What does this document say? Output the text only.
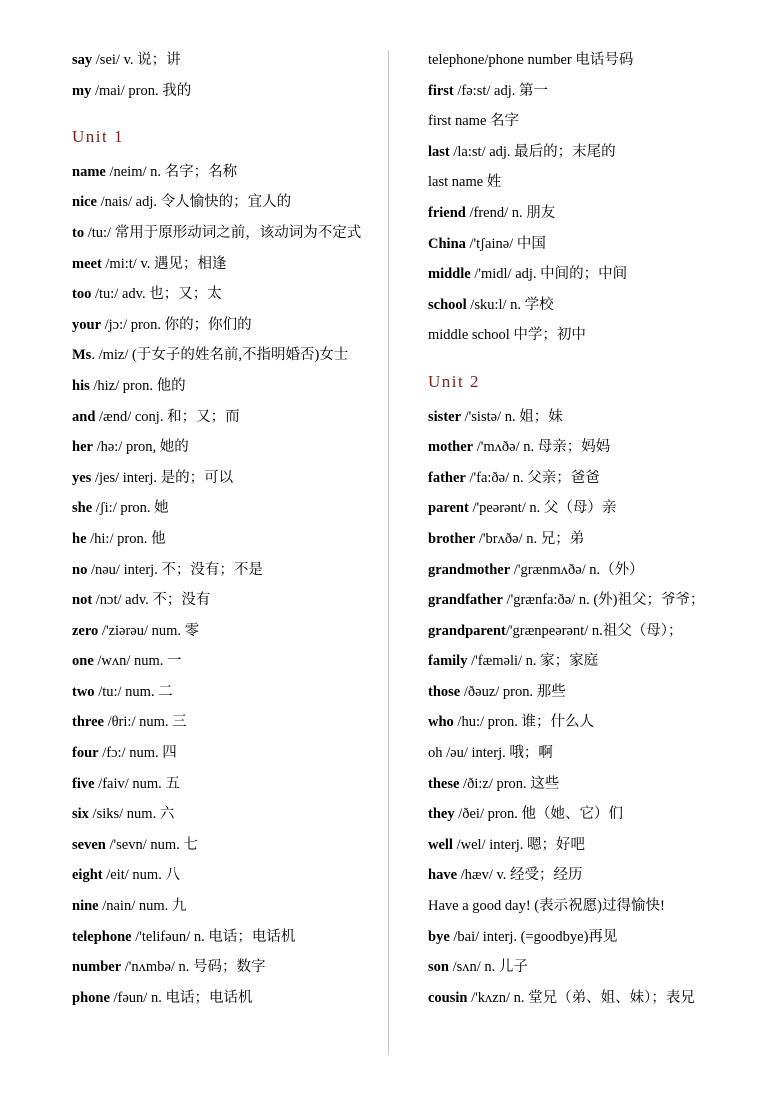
say /sei/ v. 说；讲
my /mai/ pron. 我的
Unit 1
name /neim/ n. 名字；名称
nice /nais/ adj. 令人愉快的；宜人的
to /tu:/ 常用于原形动词之前，该动词为不定式
meet /mi:t/ v. 遇见；相逢
too /tu:/ adv. 也；又；太
your /jɔ:/ pron. 你的；你们的
Ms. /miz/ (于女子的姓名前,不指明婚否)女士
his /hiz/ pron. 他的
and /ænd/ conj. 和；又；而
her /hə:/ pron, 她的
yes /jes/ interj. 是的；可以
she /ʃi:/ pron. 她
he /hi:/ pron. 他
no /nəu/ interj. 不；没有；不是
not /nɔt/ adv. 不；没有
zero /'ziərəu/ num. 零
one /wʌn/ num. 一
two /tu:/ num. 二
three /θri:/ num. 三
four /fɔ:/ num. 四
five /faiv/ num. 五
six /siks/ num. 六
seven /'sevn/ num. 七
eight /eit/ num. 八
nine /nain/ num. 九
telephone /'telifəun/ n. 电话；电话机
number /'nʌmbə/ n. 号码；数字
phone /fəun/ n. 电话；电话机
telephone/phone number 电话号码
first /fə:st/ adj. 第一
first name 名字
last /la:st/ adj. 最后的；末尾的
last name 姓
friend /frend/ n. 朋友
China /'tʃainə/ 中国
middle /'midl/ adj. 中间的；中间
school /sku:l/ n. 学校
middle school 中学；初中
Unit 2
sister /'sistə/ n. 姐；妹
mother /'mʌðə/ n. 母亲；妈妈
father /'fa:ðə/ n. 父亲；爸爸
parent /'peərənt/ n. 父（母）亲
brother /'brʌðə/ n. 兄；弟
grandmother /'grænmʌðə/ n.（外）
grandfather /'grænfa:ðə/ n. (外)祖父；爷爷；
grandparent/'grænpeərənt/ n.祖父（母）；
family /'fæməli/ n. 家；家庭
those /ðəuz/ pron. 那些
who /hu:/ pron. 谁；什么人
oh /əu/ interj. 哦；啊
these /ði:z/ pron. 这些
they /ðei/ pron. 他（她、它）们
well /wel/ interj. 嗯；好吧
have /hæv/ v. 经受；经历
Have a good day! (表示祝愿)过得愉快!
bye /bai/ interj. (=goodbye)再见
son /sʌn/ n. 儿子
cousin /'kʌzn/ n. 堂兄（弟、姐、妹）；表兄
